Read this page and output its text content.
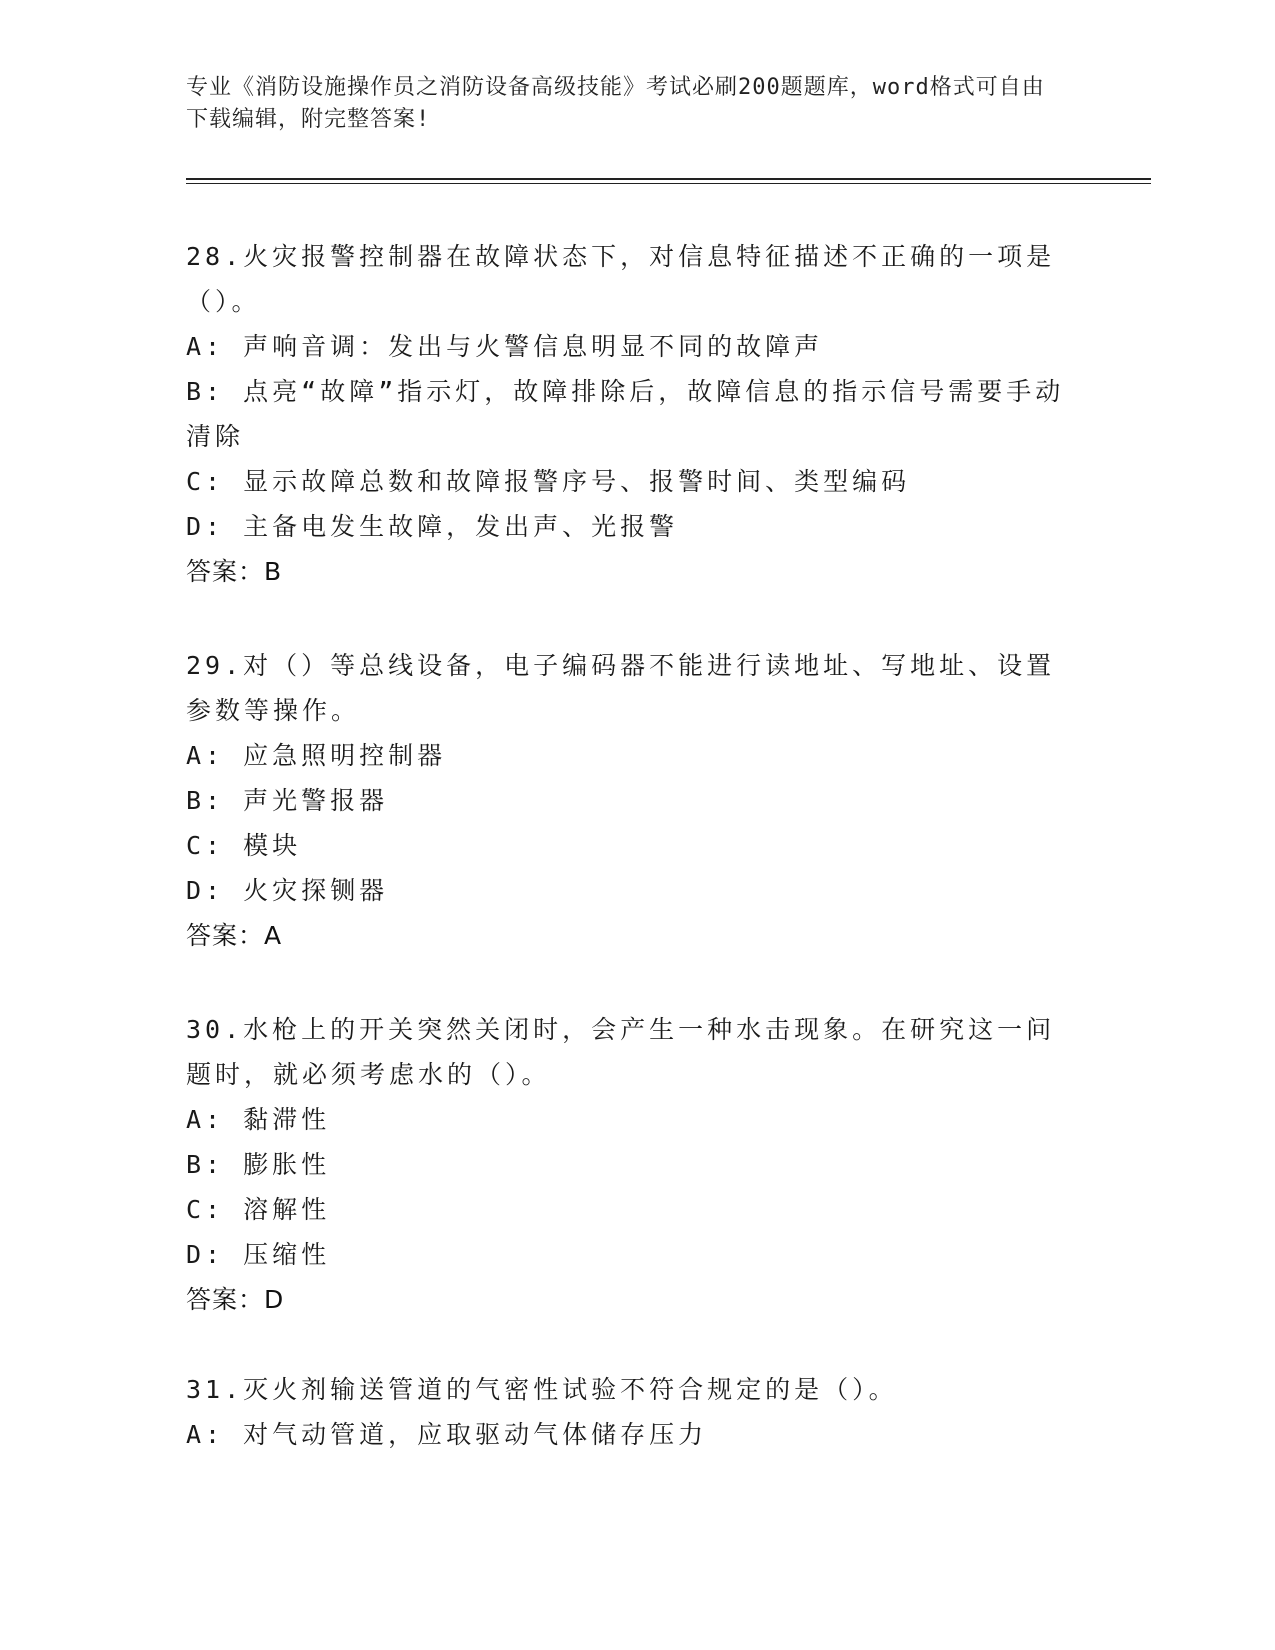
专业《消防设施操作员之消防设备高级技能》考试必刷200题题库，word格式可自由下载编辑，附完整答案!
28.火灾报警控制器在故障状态下，对信息特征描述不正确的一项是（）。
A: 声响音调：发出与火警信息明显不同的故障声
B: 点亮“故障”指示灯，故障排除后，故障信息的指示信号需要手动清除
C: 显示故障总数和故障报警序号、报警时间、类型编码
D: 主备电发生故障，发出声、光报警
答案：B
29.对（）等总线设备，电子编码器不能进行读地址、写地址、设置参数等操作。
A: 应急照明控制器
B: 声光警报器
C: 模块
D: 火灾探铡器
答案：A
30.水枪上的开关突然关闭时，会产生一种水击现象。在研究这一问题时，就必须考虑水的（）。
A: 黏滞性
B: 膨胀性
C: 溶解性
D: 压缩性
答案：D
31.灭火剂输送管道的气密性试验不符合规定的是（）。
A: 对气动管道，应取驱动气体储存压力
